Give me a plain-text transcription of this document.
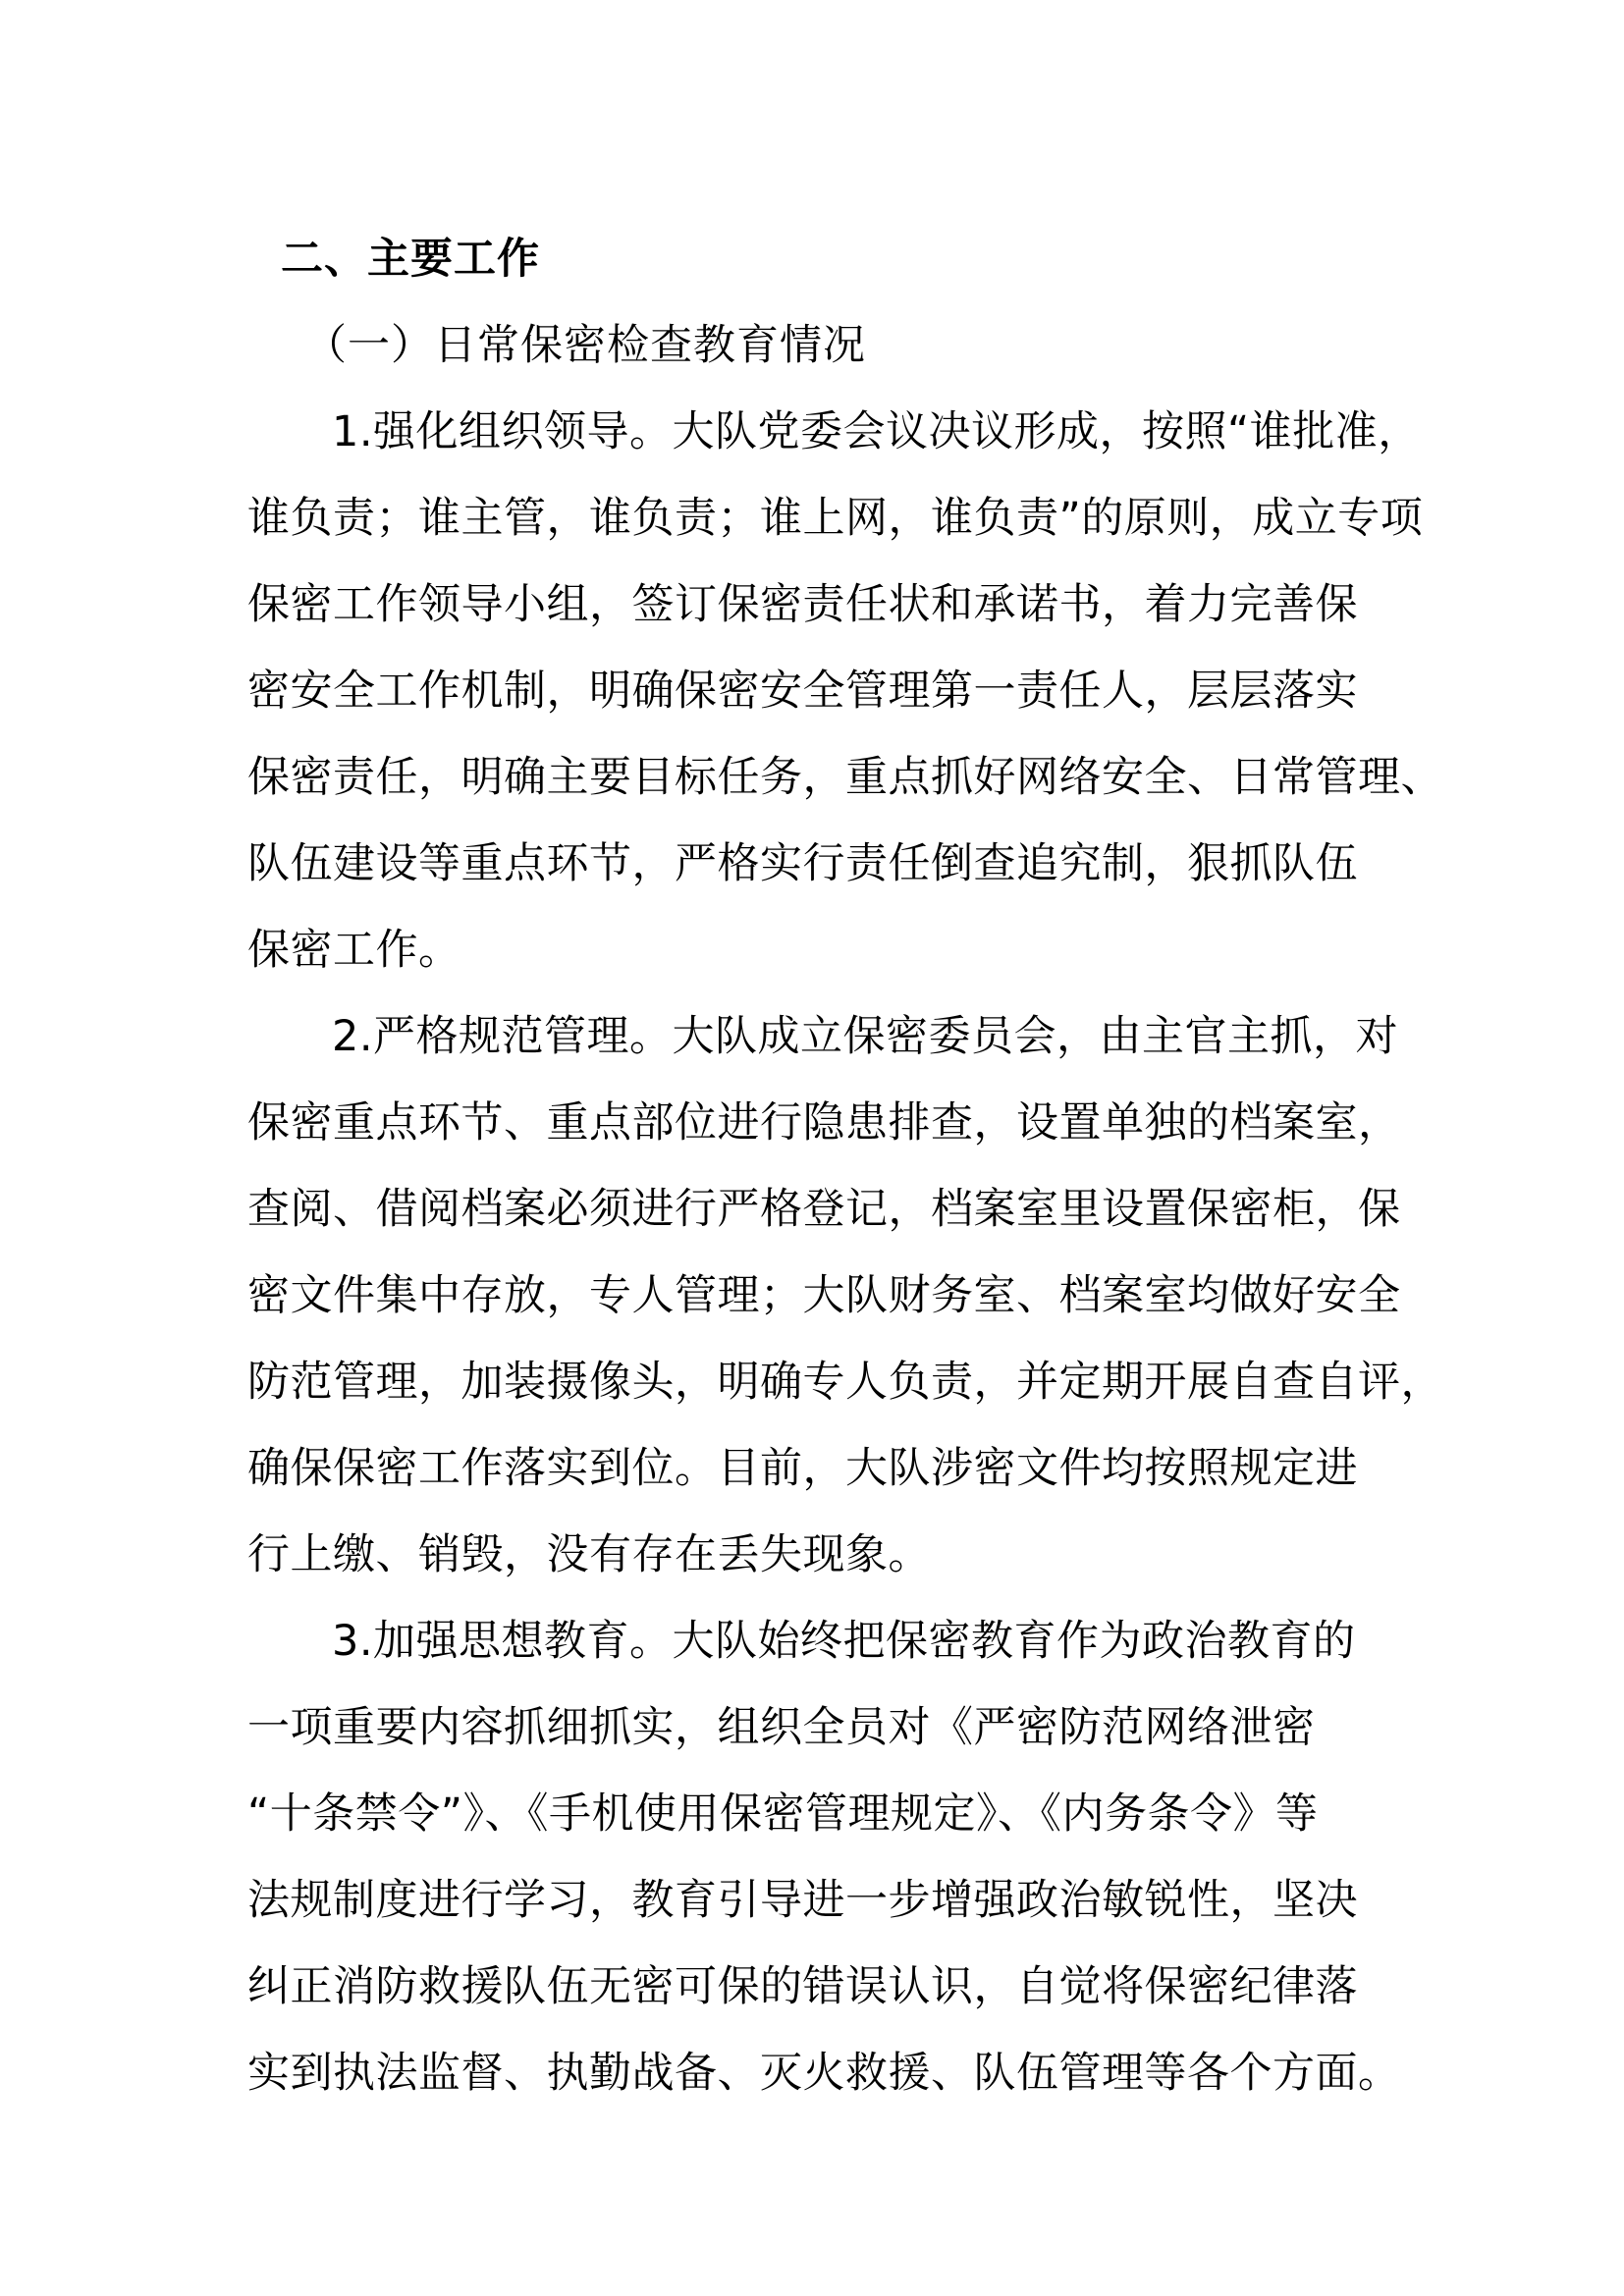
二、主要工作
（一）日常保密检查教育情况
1.强化组织领导。大队党委会议决议形成，按照“谁批准，
谁负责；谁主管，谁负责；谁上网，谁负责”的原则，成立专项
保密工作领导小组，签订保密责任状和承诺书，着力完善保
密安全工作机制，明确保密安全管理第一责任人，层层落实
保密责任，明确主要目标任务，重点抓好网络安全、日常管理、
队伍建设等重点环节，严格实行责任倒查追究制，狠抓队伍
保密工作。
2.严格规范管理。大队成立保密委员会，由主官主抓，对
保密重点环节、重点部位进行隐患排查，设置单独的档案室，
查阅、借阅档案必须进行严格登记，档案室里设置保密柜，保
密文件集中存放，专人管理；大队财务室、档案室均做好安全
防范管理，加装摄像头，明确专人负责，并定期开展自查自评，
确保保密工作落实到位。目前，大队涉密文件均按照规定进
行上缴、销毁，没有存在丢失现象。
3.加强思想教育。大队始终把保密教育作为政治教育的
一项重要内容抓细抓实，组织全员对《严密防范网络泄密
“十条禁令”》、《手机使用保密管理规定》、《内务条令》等
法规制度进行学习，教育引导进一步增强政治敏锐性，坚决
纠正消防救援队伍无密可保的错误认识，自觉将保密纪律落
实到执法监督、执勤战备、灭火救援、队伍管理等各个方面。
